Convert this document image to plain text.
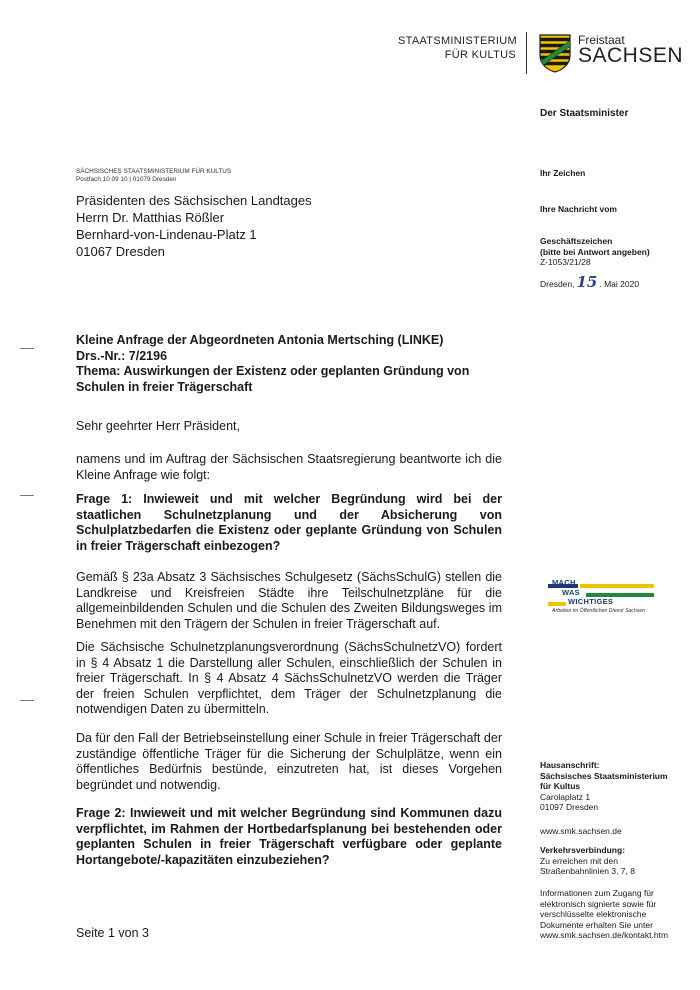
STAATSMINISTERIUM
FÜR KULTUS
Freistaat
SACHSEN
Der Staatsminister
SÄCHSISCHES STAATSMINISTERIUM FÜR KULTUS
Postfach 10 09 10 | 01079 Dresden
Präsidenten des Sächsischen Landtages
Herrn Dr. Matthias Rößler
Bernhard-von-Lindenau-Platz 1
01067 Dresden
Ihr Zeichen
Ihre Nachricht vom
Geschäftszeichen
(bitte bei Antwort angeben)
Z-1053/21/28
Dresden, 15 . Mai 2020
Kleine Anfrage der Abgeordneten Antonia Mertsching (LINKE)
Drs.-Nr.: 7/2196
Thema: Auswirkungen der Existenz oder geplanten Gründung von Schulen in freier Trägerschaft
Sehr geehrter Herr Präsident,
namens und im Auftrag der Sächsischen Staatsregierung beantworte ich die Kleine Anfrage wie folgt:
Frage 1: Inwieweit und mit welcher Begründung wird bei der staatlichen Schulnetzplanung und der Absicherung von Schulplatzbedarfen die Existenz oder geplante Gründung von Schulen in freier Trägerschaft einbezogen?
Gemäß § 23a Absatz 3 Sächsisches Schulgesetz (SächsSchulG) stellen die Landkreise und Kreisfreien Städte ihre Teilschulnetzpläne für die allgemeinbildenden Schulen und die Schulen des Zweiten Bildungsweges im Benehmen mit den Trägern der Schulen in freier Trägerschaft auf.
Die Sächsische Schulnetzplanungsverordnung (SächsSchulnetzVO) fordert in § 4 Absatz 1 die Darstellung aller Schulen, einschließlich der Schulen in freier Trägerschaft. In § 4 Absatz 4 SächsSchulnetzVO werden die Träger der freien Schulen verpflichtet, dem Träger der Schulnetzplanung die notwendigen Daten zu übermitteln.
Da für den Fall der Betriebseinstellung einer Schule in freier Trägerschaft der zuständige öffentliche Träger für die Sicherung der Schulplätze, wenn ein öffentliches Bedürfnis bestünde, einzutreten hat, ist dieses Vorgehen begründet und notwendig.
Frage 2: Inwieweit und mit welcher Begründung sind Kommunen dazu verpflichtet, im Rahmen der Hortbedarfsplanung bei bestehenden oder geplanten Schulen in freier Trägerschaft verfügbare oder geplante Hortangebote/-kapazitäten einzubeziehen?
MACH
WAS
WICHTIGES
Arbeiten im Öffentlichen Dienst Sachsen
Hausanschrift:
Sächsisches Staatsministerium
für Kultus
Carolaplatz 1
01097 Dresden
www.smk.sachsen.de
Verkehrsverbindung:
Zu erreichen mit den
Straßenbahnlinien 3, 7, 8
Informationen zum Zugang für
elektronisch signierte sowie für
verschlüsselte elektronische
Dokumente erhalten Sie unter
www.smk.sachsen.de/kontakt.htm
Seite 1 von 3
